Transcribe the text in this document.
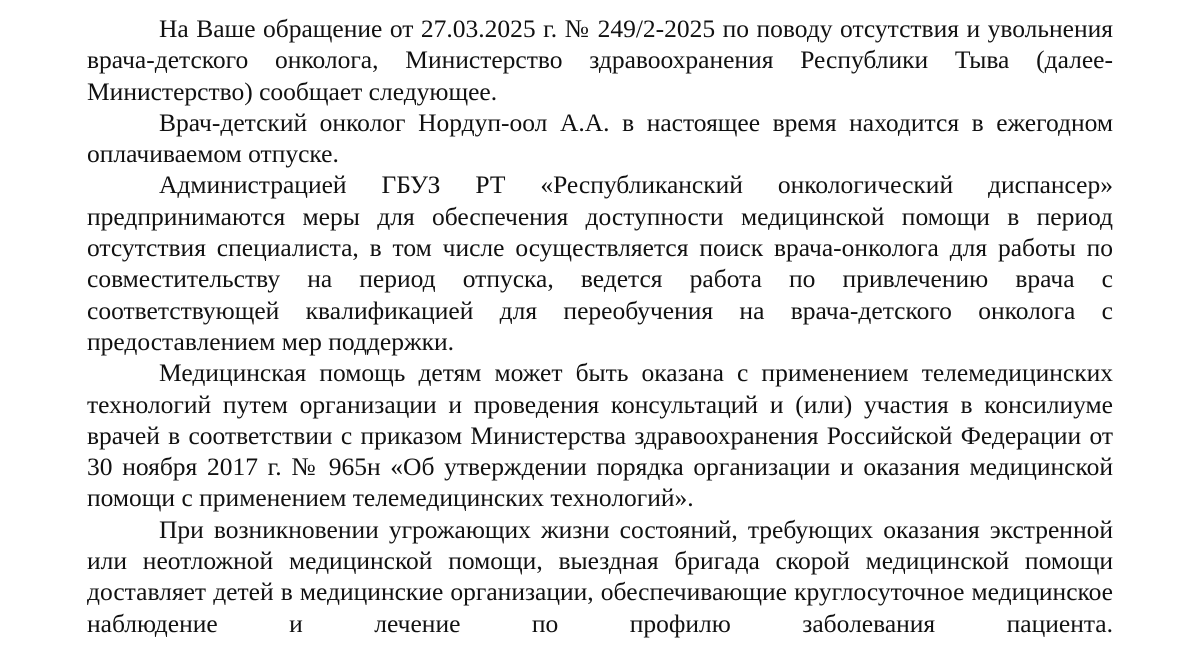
На Ваше обращение от 27.03.2025 г. № 249/2-2025 по поводу отсутствия и увольнения врача-детского онколога, Министерство здравоохранения Республики Тыва (далее-Министерство) сообщает следующее.

Врач-детский онколог Нордуп-оол А.А. в настоящее время находится в ежегодном оплачиваемом отпуске.

Администрацией ГБУЗ РТ «Республиканский онкологический диспансер» предпринимаются меры для обеспечения доступности медицинской помощи в период отсутствия специалиста, в том числе осуществляется поиск врача-онколога для работы по совместительству на период отпуска, ведется работа по привлечению врача с соответствующей квалификацией для переобучения на врача-детского онколога с предоставлением мер поддержки.

Медицинская помощь детям может быть оказана с применением телемедицинских технологий путем организации и проведения консультаций и (или) участия в консилиуме врачей в соответствии с приказом Министерства здравоохранения Российской Федерации от 30 ноября 2017 г. № 965н «Об утверждении порядка организации и оказания медицинской помощи с применением телемедицинских технологий».

При возникновении угрожающих жизни состояний, требующих оказания экстренной или неотложной медицинской помощи, выездная бригада скорой медицинской помощи доставляет детей в медицинские организации, обеспечивающие круглосуточное медицинское наблюдение и лечение по профилю заболевания пациента.
